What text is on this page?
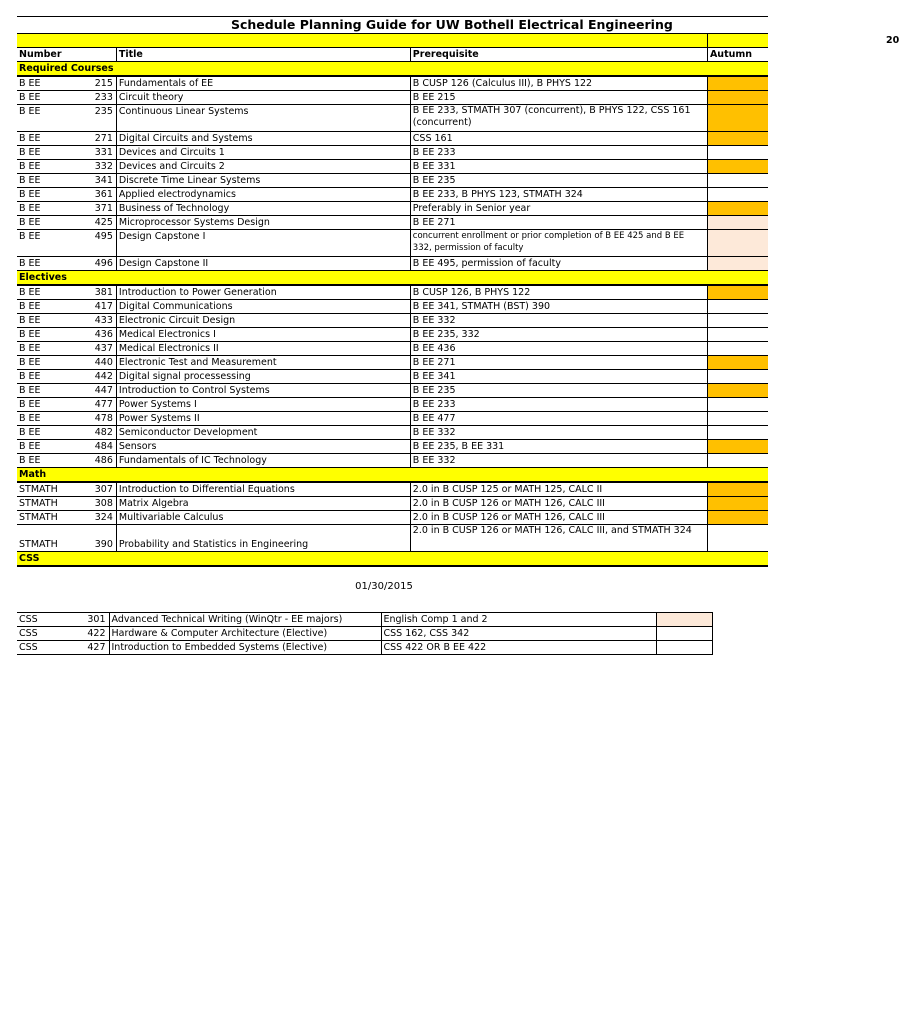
Schedule Planning Guide for UW Bothell Electrical Engineering
				20
Number		Title	Prerequisite	Autumn
Required Courses				
B EE	215	Fundamentals of EE	B CUSP 126 (Calculus III), B PHYS 122	
B EE	233	Circuit theory	B EE 215	
B EE	235	Continuous Linear Systems	B EE 233, STMATH 307 (concurrent), B PHYS 122, CSS 161 (concurrent)	
B EE	271	Digital Circuits and Systems	CSS 161	
B EE	331	Devices and Circuits 1	B EE 233	
B EE	332	Devices and Circuits 2	B EE 331	
B EE	341	Discrete Time Linear Systems	B EE 235	
B EE	361	Applied electrodynamics	B EE 233, B PHYS 123, STMATH 324	
B EE	371	Business of Technology	Preferably in Senior year	
B EE	425	Microprocessor Systems Design	B EE 271	
B EE	495	Design Capstone I	concurrent enrollment or prior completion of B EE 425 and B EE 332, permission of faculty	
B EE	496	Design Capstone II	B EE 495, permission of faculty	
Electives				
B EE	381	Introduction to Power Generation	B CUSP 126, B PHYS 122	
B EE	417	Digital Communications	B EE 341, STMATH (BST) 390	
B EE	433	Electronic Circuit Design	B EE 332	
B EE	436	Medical Electronics I	B EE 235, 332	
B EE	437	Medical Electronics II	B EE 436	
B EE	440	Electronic Test and Measurement	B EE 271	
B EE	442	Digital signal processessing	B EE 341	
B EE	447	Introduction to Control Systems	B EE 235	
B EE	477	Power Systems I	B EE 233	
B EE	478	Power Systems II	B EE 477	
B EE	482	Semiconductor Development	B EE 332	
B EE	484	Sensors	B EE 235, B EE 331	
B EE	486	Fundamentals of IC Technology	B EE 332	
Math				
STMATH	307	Introduction to Differential Equations	2.0 in B CUSP 125 or MATH 125, CALC II	
STMATH	308	Matrix Algebra	2.0 in B CUSP 126 or MATH 126, CALC III	
STMATH	324	Multivariable Calculus	2.0 in B CUSP 126 or MATH 126, CALC III	
STMATH	390	Probability and Statistics in Engineering	2.0 in B CUSP 126 or MATH 126, CALC III, and STMATH 324	
CSS				
01/30/2015
CSS	301	Advanced Technical Writing (WinQtr - EE majors)	English Comp 1 and 2	
CSS	422	Hardware & Computer Architecture (Elective)	CSS 162, CSS 342	
CSS	427	Introduction to Embedded Systems (Elective)	CSS 422 OR B EE 422	
